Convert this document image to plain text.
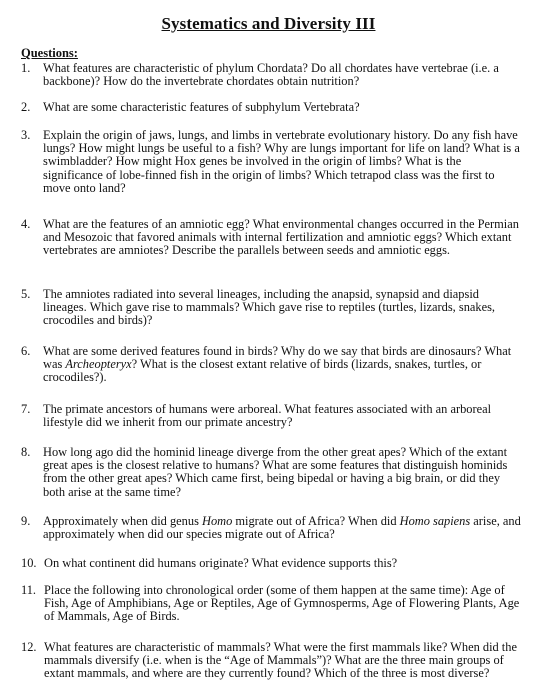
Systematics and Diversity III
Questions:
1.	What features are characteristic of phylum Chordata? Do all chordates have vertebrae (i.e. a backbone)? How do the invertebrate chordates obtain nutrition?
2.	What are some characteristic features of subphylum Vertebrata?
3.	Explain the origin of jaws, lungs, and limbs in vertebrate evolutionary history. Do any fish have lungs? How might lungs be useful to a fish? Why are lungs important for life on land? What is a swimbladder? How might Hox genes be involved in the origin of limbs? What is the significance of lobe-finned fish in the origin of limbs? Which tetrapod class was the first to move onto land?
4.	What are the features of an amniotic egg? What environmental changes occurred in the Permian and Mesozoic that favored animals with internal fertilization and amniotic eggs? Which extant vertebrates are amniotes? Describe the parallels between seeds and amniotic eggs.
5.	The amniotes radiated into several lineages, including the anapsid, synapsid and diapsid lineages. Which gave rise to mammals? Which gave rise to reptiles (turtles, lizards, snakes, crocodiles and birds)?
6.	What are some derived features found in birds? Why do we say that birds are dinosaurs? What was Archeopteryx? What is the closest extant relative of birds (lizards, snakes, turtles, or crocodiles?).
7.	The primate ancestors of humans were arboreal. What features associated with an arboreal lifestyle did we inherit from our primate ancestry?
8.	How long ago did the hominid lineage diverge from the other great apes? Which of the extant great apes is the closest relative to humans? What are some features that distinguish hominids from the other great apes? Which came first, being bipedal or having a big brain, or did they both arise at the same time?
9.	Approximately when did genus Homo migrate out of Africa? When did Homo sapiens arise, and approximately when did our species migrate out of Africa?
10. On what continent did humans originate? What evidence supports this?
11. Place the following into chronological order (some of them happen at the same time): Age of Fish, Age of Amphibians, Age or Reptiles, Age of Gymnosperms, Age of Flowering Plants, Age of Mammals, Age of Birds.
12. What features are characteristic of mammals? What were the first mammals like? When did the mammals diversify (i.e. when is the “Age of Mammals”)? What are the three main groups of extant mammals, and where are they currently found? Which of the three is most diverse?
